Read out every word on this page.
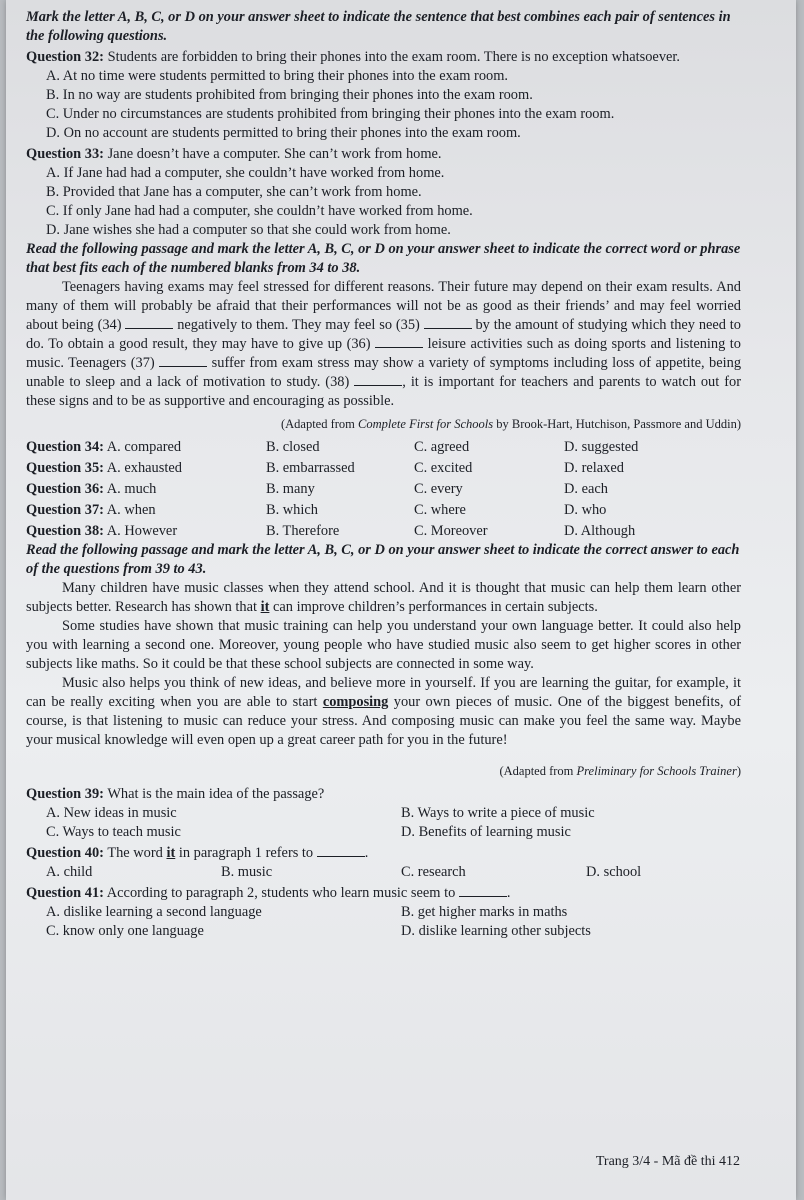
Mark the letter A, B, C, or D on your answer sheet to indicate the sentence that best combines each pair of sentences in the following questions.

Question 32: Students are forbidden to bring their phones into the exam room. There is no exception whatsoever.

A. At no time were students permitted to bring their phones into the exam room.

B. In no way are students prohibited from bringing their phones into the exam room.

C. Under no circumstances are students prohibited from bringing their phones into the exam room.

D. On no account are students permitted to bring their phones into the exam room.

Question 33: Jane doesn’t have a computer. She can’t work from home.

A. If Jane had had a computer, she couldn’t have worked from home.

B. Provided that Jane has a computer, she can’t work from home.

C. If only Jane had had a computer, she couldn’t have worked from home.

D. Jane wishes she had a computer so that she could work from home.

Read the following passage and mark the letter A, B, C, or D on your answer sheet to indicate the correct word or phrase that best fits each of the numbered blanks from 34 to 38.

Teenagers having exams may feel stressed for different reasons. Their future may depend on their exam results. And many of them will probably be afraid that their performances will not be as good as their friends’ and may feel worried about being (34)	negatively to them. They may feel so (35)	by the amount of studying which they need to do. To obtain a good result, they may have to give up (36)	leisure activities such as doing sports and listening to music. Teenagers (37)	suffer from exam stress may show a variety of symptoms including loss of appetite, being unable to sleep and a lack of motivation to study. (38)	, it is important for teachers and parents to watch out for these signs and to be as supportive and encouraging as possible.

(Adapted from Complete First for Schools by Brook-Hart, Hutchison, Passmore and Uddin)

Question 34: A. compared	B. closed	C. agreed	D. suggested
Question 35: A. exhausted	B. embarrassed	C. excited	D. relaxed
Question 36: A. much	B. many	C. every	D. each
Question 37: A. when	B. which	C. where	D. who
Question 38: A. However	B. Therefore	C. Moreover	D. Although

Read the following passage and mark the letter A, B, C, or D on your answer sheet to indicate the correct answer to each of the questions from 39 to 43.

Many children have music classes when they attend school. And it is thought that music can help them learn other subjects better. Research has shown that it can improve children’s performances in certain subjects.

Some studies have shown that music training can help you understand your own language better. It could also help you with learning a second one. Moreover, young people who have studied music also seem to get higher scores in other subjects like maths. So it could be that these school subjects are connected in some way.

Music also helps you think of new ideas, and believe more in yourself. If you are learning the guitar, for example, it can be really exciting when you are able to start composing your own pieces of music. One of the biggest benefits, of course, is that listening to music can reduce your stress. And composing music can make you feel the same way. Maybe your musical knowledge will even open up a great career path for you in the future!

(Adapted from Preliminary for Schools Trainer)

Question 39: What is the main idea of the passage?

A. New ideas in music	B. Ways to write a piece of music
C. Ways to teach music	D. Benefits of learning music

Question 40: The word it in paragraph 1 refers to	.

A. child	B. music	C. research	D. school

Question 41: According to paragraph 2, students who learn music seem to	.

A. dislike learning a second language	B. get higher marks in maths
C. know only one language	D. dislike learning other subjects
Trang 3/4 - Mã đề thi 412
